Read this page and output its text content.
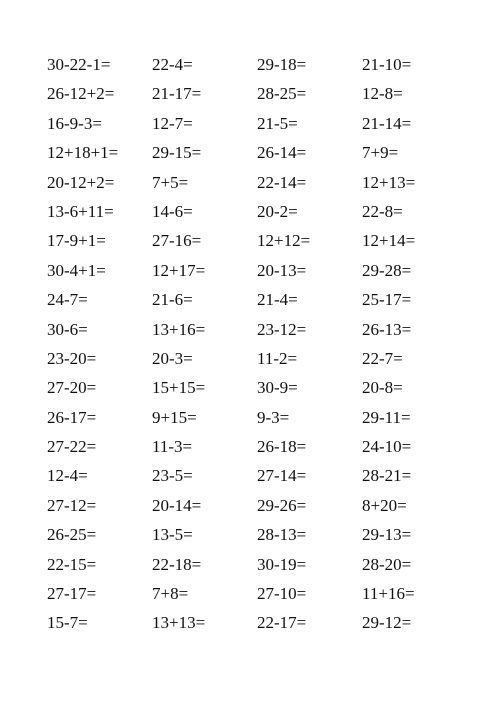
30-22-1=	22-4=	29-18=	21-10=
26-12+2=	21-17=	28-25=	12-8=
16-9-3=	12-7=	21-5=	21-14=
12+18+1=	29-15=	26-14=	7+9=
20-12+2=	7+5=	22-14=	12+13=
13-6+11=	14-6=	20-2=	22-8=
17-9+1=	27-16=	12+12=	12+14=
30-4+1=	12+17=	20-13=	29-28=
24-7=	21-6=	21-4=	25-17=
30-6=	13+16=	23-12=	26-13=
23-20=	20-3=	11-2=	22-7=
27-20=	15+15=	30-9=	20-8=
26-17=	9+15=	9-3=	29-11=
27-22=	11-3=	26-18=	24-10=
12-4=	23-5=	27-14=	28-21=
27-12=	20-14=	29-26=	8+20=
26-25=	13-5=	28-13=	29-13=
22-15=	22-18=	30-19=	28-20=
27-17=	7+8=	27-10=	11+16=
15-7=	13+13=	22-17=	29-12=
